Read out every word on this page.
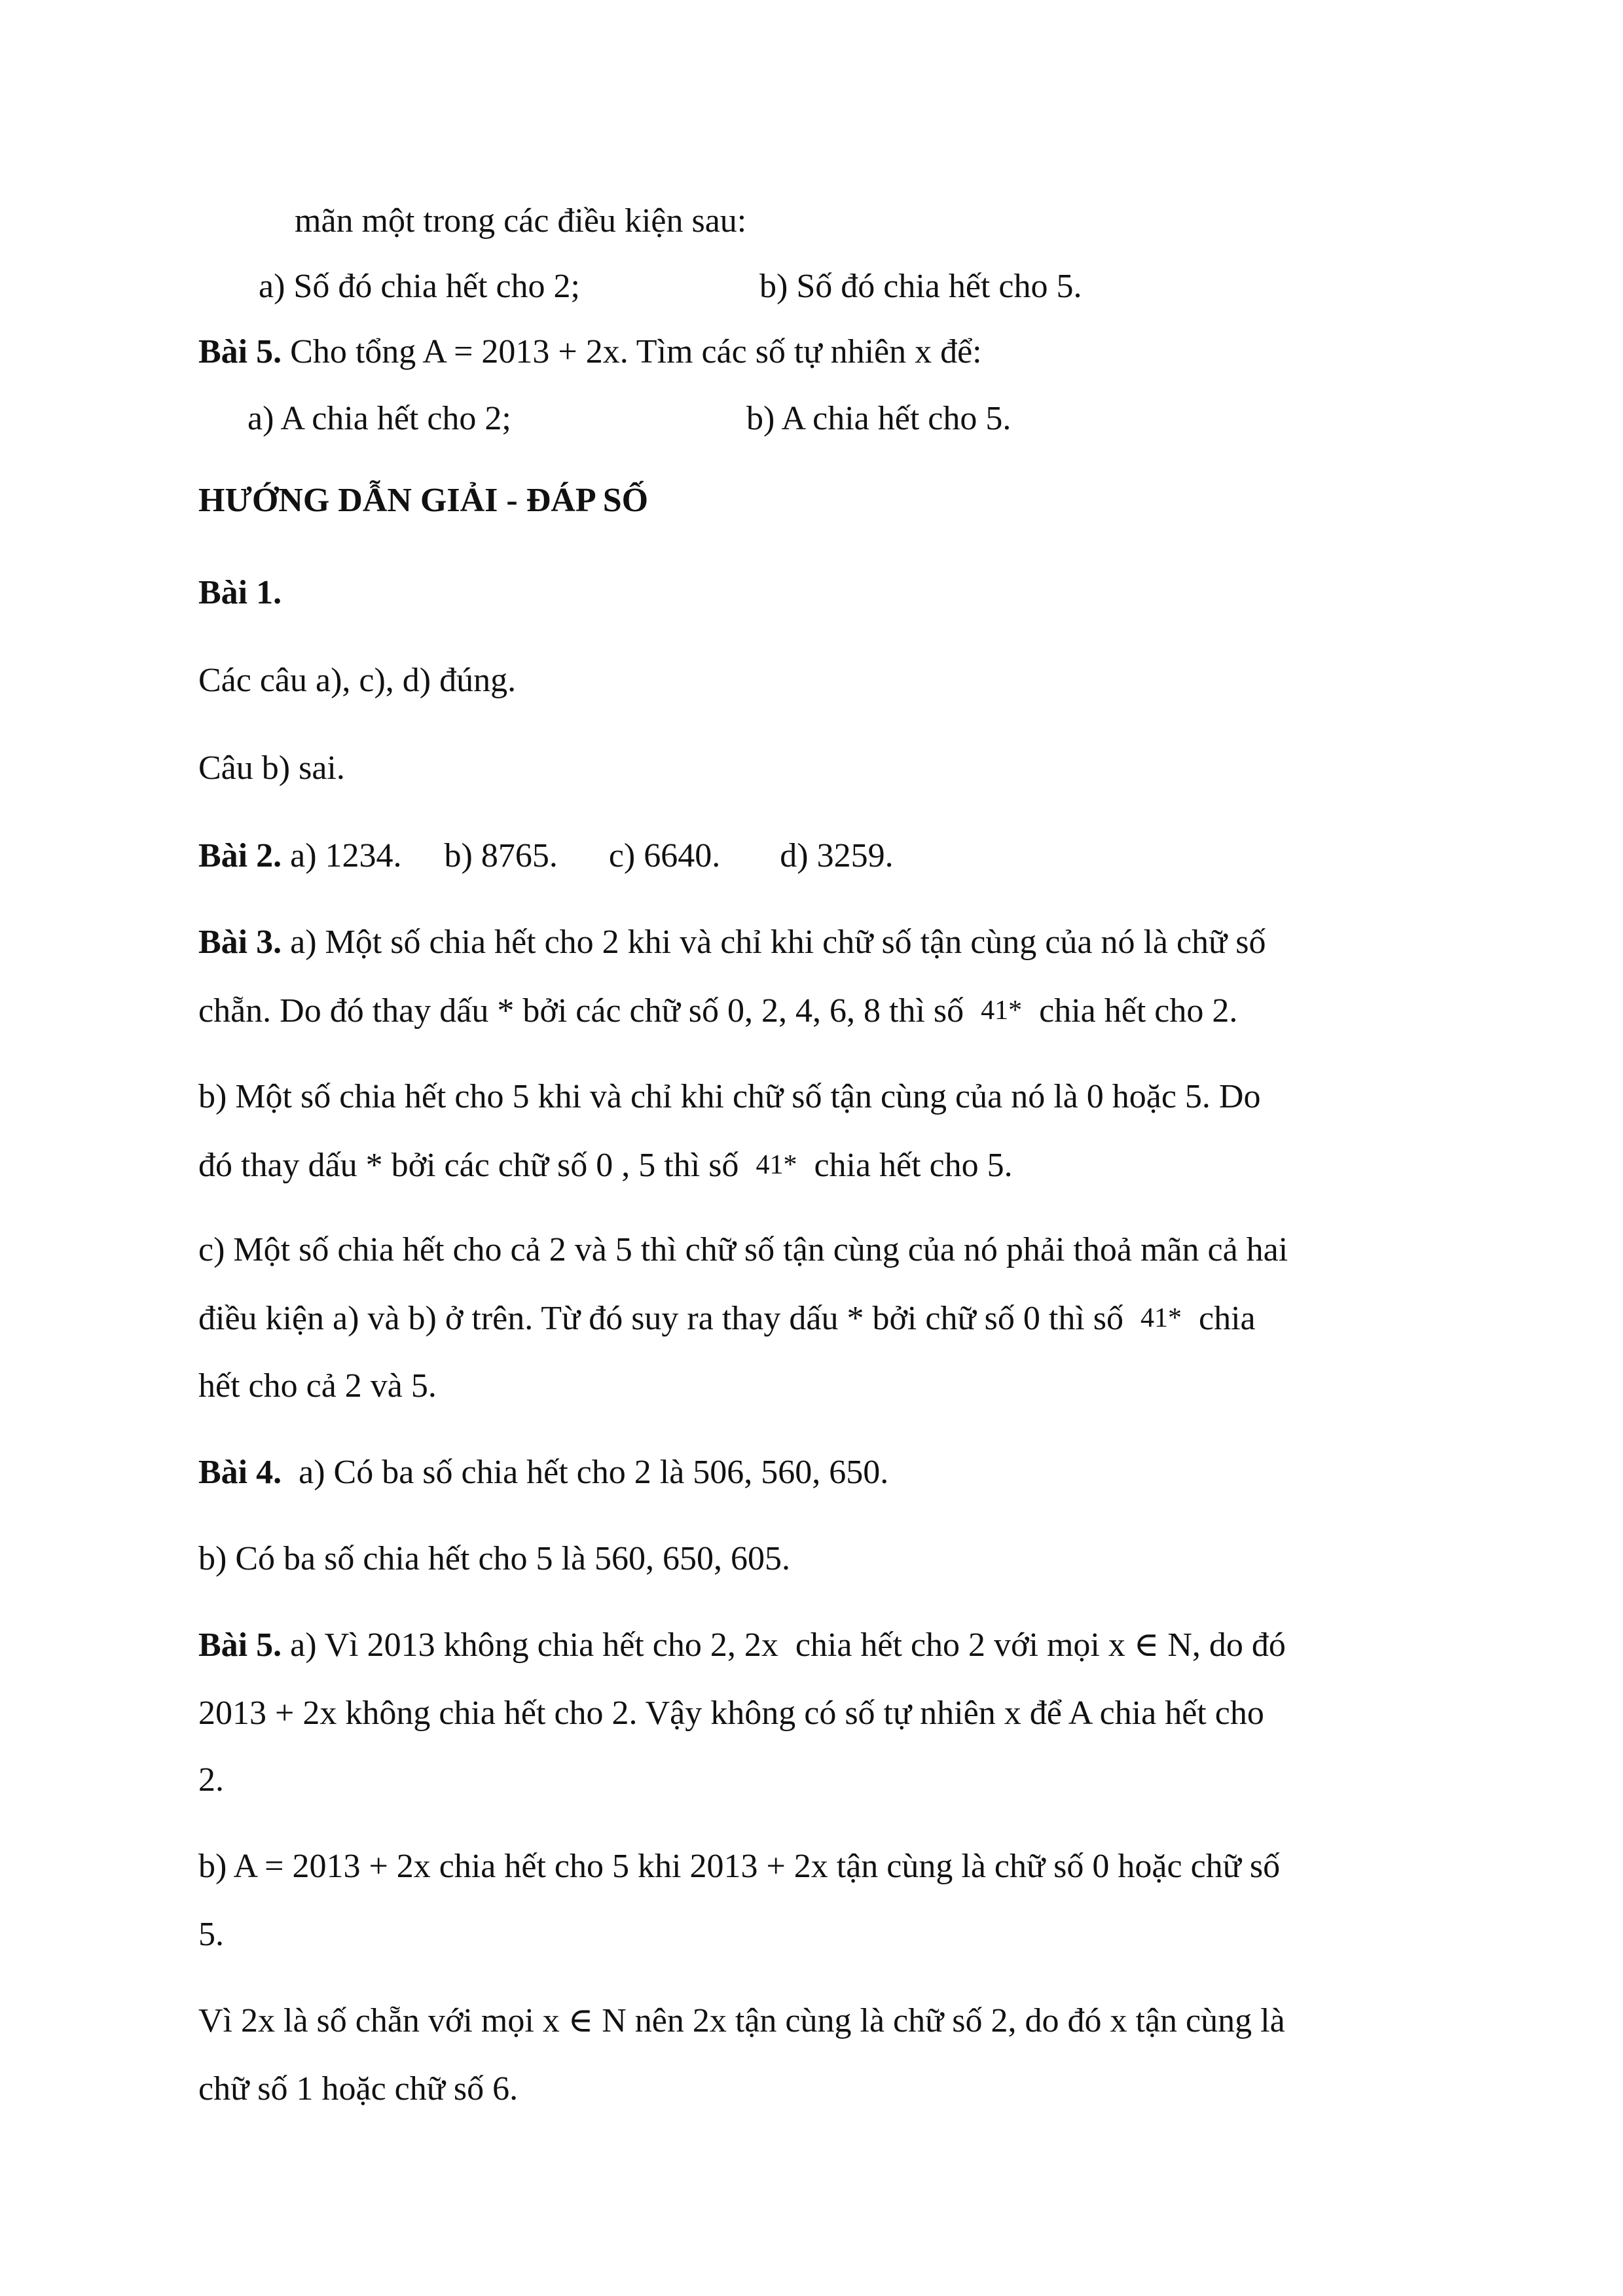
mãn một trong các điều kiện sau:
a) Số đó chia hết cho 2;	b) Số đó chia hết cho 5.
Bài 5. Cho tổng A = 2013 + 2x. Tìm các số tự nhiên x để:
a) A chia hết cho 2;	b) A chia hết cho 5.
HƯỚNG DẪN GIẢI - ĐÁP SỐ
Bài 1.
Các câu a), c), d) đúng.
Câu b) sai.
Bài 2. a) 1234.     b) 8765.      c) 6640.       d) 3259.
Bài 3. a) Một số chia hết cho 2 khi và chỉ khi chữ số tận cùng của nó là chữ số
chẵn. Do đó thay dấu * bởi các chữ số 0, 2, 4, 6, 8 thì số  41*  chia hết cho 2.
b) Một số chia hết cho 5 khi và chỉ khi chữ số tận cùng của nó là 0 hoặc 5. Do
đó thay dấu * bởi các chữ số 0 , 5 thì số  41*  chia hết cho 5.
c) Một số chia hết cho cả 2 và 5 thì chữ số tận cùng của nó phải thoả mãn cả hai
điều kiện a) và b) ở trên. Từ đó suy ra thay dấu * bởi chữ số 0 thì số  41*  chia
hết cho cả 2 và 5.
Bài 4.  a) Có ba số chia hết cho 2 là 506, 560, 650.
b) Có ba số chia hết cho 5 là 560, 650, 605.
Bài 5. a) Vì 2013 không chia hết cho 2, 2x  chia hết cho 2 với mọi x ∈ N, do đó
2013 + 2x không chia hết cho 2. Vậy không có số tự nhiên x để A chia hết cho
2.
b) A = 2013 + 2x chia hết cho 5 khi 2013 + 2x tận cùng là chữ số 0 hoặc chữ số
5.
Vì 2x là số chẵn với mọi x ∈ N nên 2x tận cùng là chữ số 2, do đó x tận cùng là
chữ số 1 hoặc chữ số 6.
